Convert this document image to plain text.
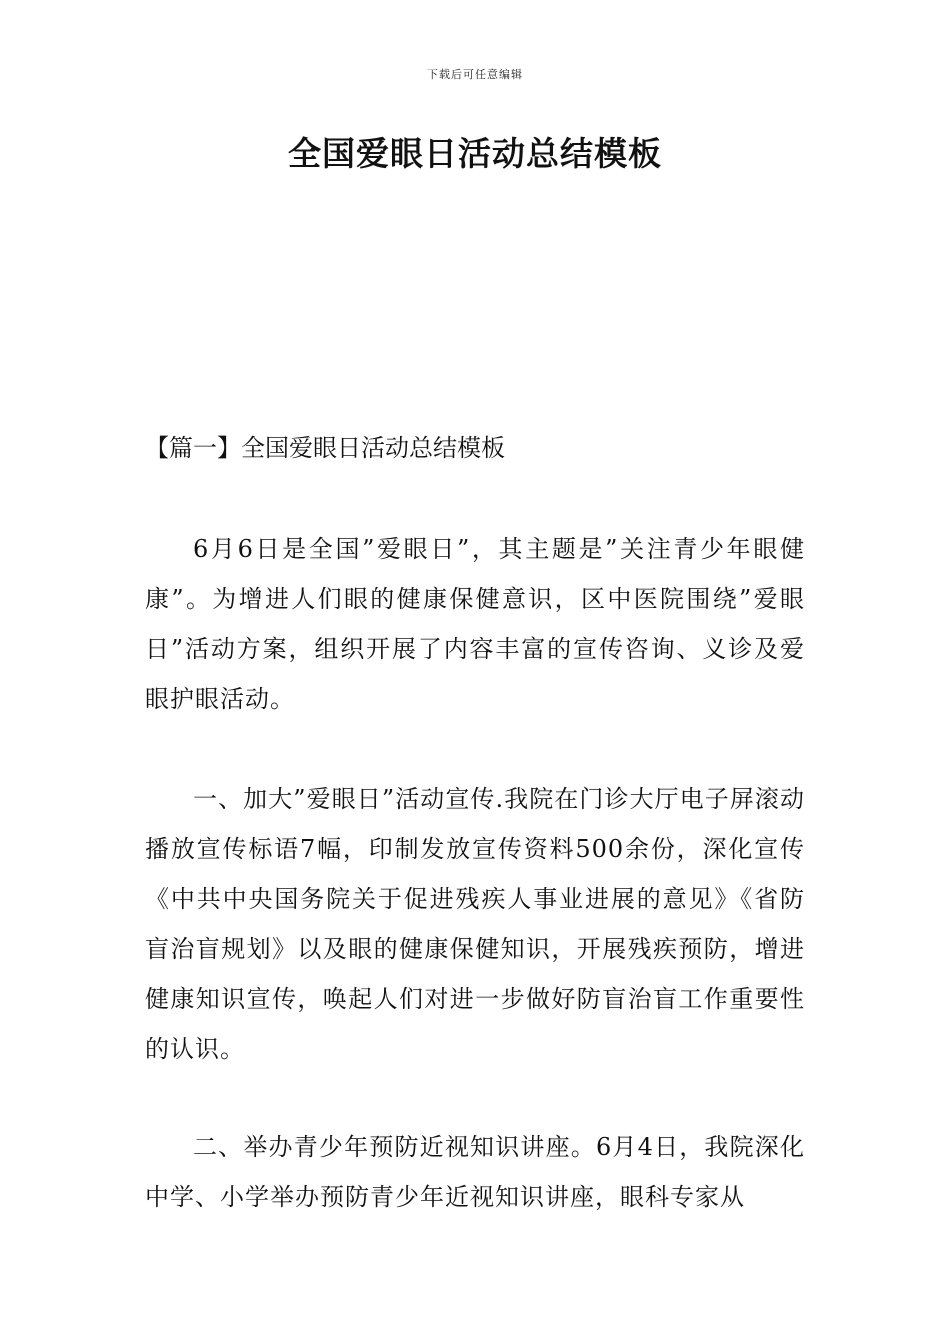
下载后可任意编辑
全国爱眼日活动总结模板
【篇一】全国爱眼日活动总结模板

6月6日是全国”爱眼日”，其主题是”关注青少年眼健康”。为增进人们眼的健康保健意识，区中医院围绕”爱眼日”活动方案，组织开展了内容丰富的宣传咨询、义诊及爱眼护眼活动。

一、加大”爱眼日”活动宣传.我院在门诊大厅电子屏滚动播放宣传标语7幅，印制发放宣传资料500余份，深化宣传《中共中央国务院关于促进残疾人事业进展的意见》《省防盲治盲规划》以及眼的健康保健知识，开展残疾预防，增进健康知识宣传，唤起人们对进一步做好防盲治盲工作重要性的认识。

二、举办青少年预防近视知识讲座。6月4日，我院深化中学、小学举办预防青少年近视知识讲座，眼科专家从
